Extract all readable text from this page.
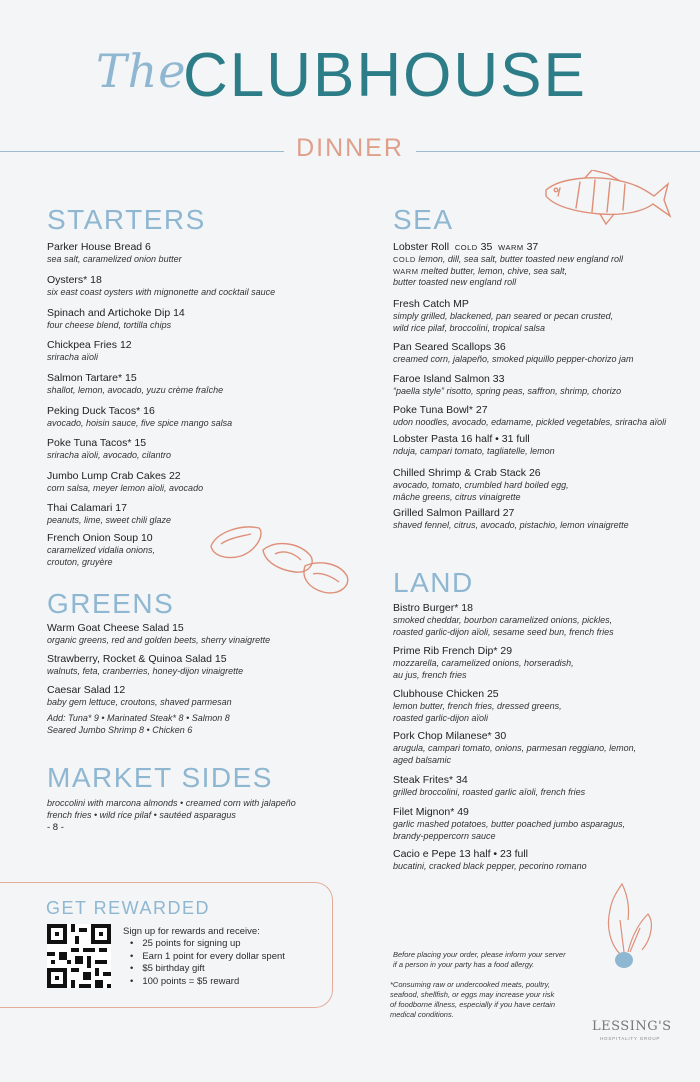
The
CLUBHOUSE
DINNER
STARTERS
Parker House Bread 6
sea salt, caramelized onion butter
Oysters* 18
six east coast oysters with mignonette and cocktail sauce
Spinach and Artichoke Dip 14
four cheese blend, tortilla chips
Chickpea Fries 12
sriracha aïoli
Salmon Tartare* 15
shallot, lemon, avocado, yuzu crème fraîche
Peking Duck Tacos* 16
avocado, hoisin sauce, five spice mango salsa
Poke Tuna Tacos* 15
sriracha aïoli, avocado, cilantro
Jumbo Lump Crab Cakes 22
corn salsa, meyer lemon aïoli, avocado
Thai Calamari 17
peanuts, lime, sweet chili glaze
French Onion Soup 10
caramelized vidalia onions,
crouton, gruyère
GREENS
Warm Goat Cheese Salad 15
organic greens, red and golden beets, sherry vinaigrette
Strawberry, Rocket & Quinoa Salad 15
walnuts, feta, cranberries, honey-dijon vinaigrette
Caesar Salad 12
baby gem lettuce, croutons, shaved parmesan
Add: Tuna* 9 • Marinated Steak* 8 • Salmon 8
Seared Jumbo Shrimp 8 • Chicken 6
MARKET SIDES
broccolini with marcona almonds • creamed corn with jalapeño
french fries • wild rice pilaf • sautéed asparagus
- 8 -
SEA
Lobster Roll COLD 35 WARM 37
COLD lemon, dill, sea salt, butter toasted new england roll
WARM melted butter, lemon, chive, sea salt,
butter toasted new england roll
Fresh Catch MP
simply grilled, blackened, pan seared or pecan crusted,
wild rice pilaf, broccolini, tropical salsa
Pan Seared Scallops 36
creamed corn, jalapeño, smoked piquillo pepper-chorizo jam
Faroe Island Salmon 33
“paella style” risotto, spring peas, saffron, shrimp, chorizo
Poke Tuna Bowl* 27
udon noodles, avocado, edamame, pickled vegetables, sriracha aïoli
Lobster Pasta 16 half • 31 full
nduja, campari tomato, tagliatelle, lemon
Chilled Shrimp & Crab Stack 26
avocado, tomato, crumbled hard boiled egg,
mâche greens, citrus vinaigrette
Grilled Salmon Paillard 27
shaved fennel, citrus, avocado, pistachio, lemon vinaigrette
LAND
Bistro Burger* 18
smoked cheddar, bourbon caramelized onions, pickles,
roasted garlic-dijon aïoli, sesame seed bun, french fries
Prime Rib French Dip* 29
mozzarella, caramelized onions, horseradish,
au jus, french fries
Clubhouse Chicken 25
lemon butter, french fries, dressed greens,
roasted garlic-dijon aïoli
Pork Chop Milanese* 30
arugula, campari tomato, onions, parmesan reggiano, lemon,
aged balsamic
Steak Frites* 34
grilled broccolini, roasted garlic aïoli, french fries
Filet Mignon* 49
garlic mashed potatoes, butter poached jumbo asparagus,
brandy-peppercorn sauce
Cacio e Pepe 13 half • 23 full
bucatini, cracked black pepper, pecorino romano
GET REWARDED
Sign up for rewards and receive:
• 25 points for signing up
• Earn 1 point for every dollar spent
• $5 birthday gift
• 100 points = $5 reward
Before placing your order, please inform your server
if a person in your party has a food allergy.
*Consuming raw or undercooked meats, poultry,
seafood, shellfish, or eggs may increase your risk
of foodborne illness, especially if you have certain
medical conditions.
LESSING'S
HOSPITALITY GROUP
